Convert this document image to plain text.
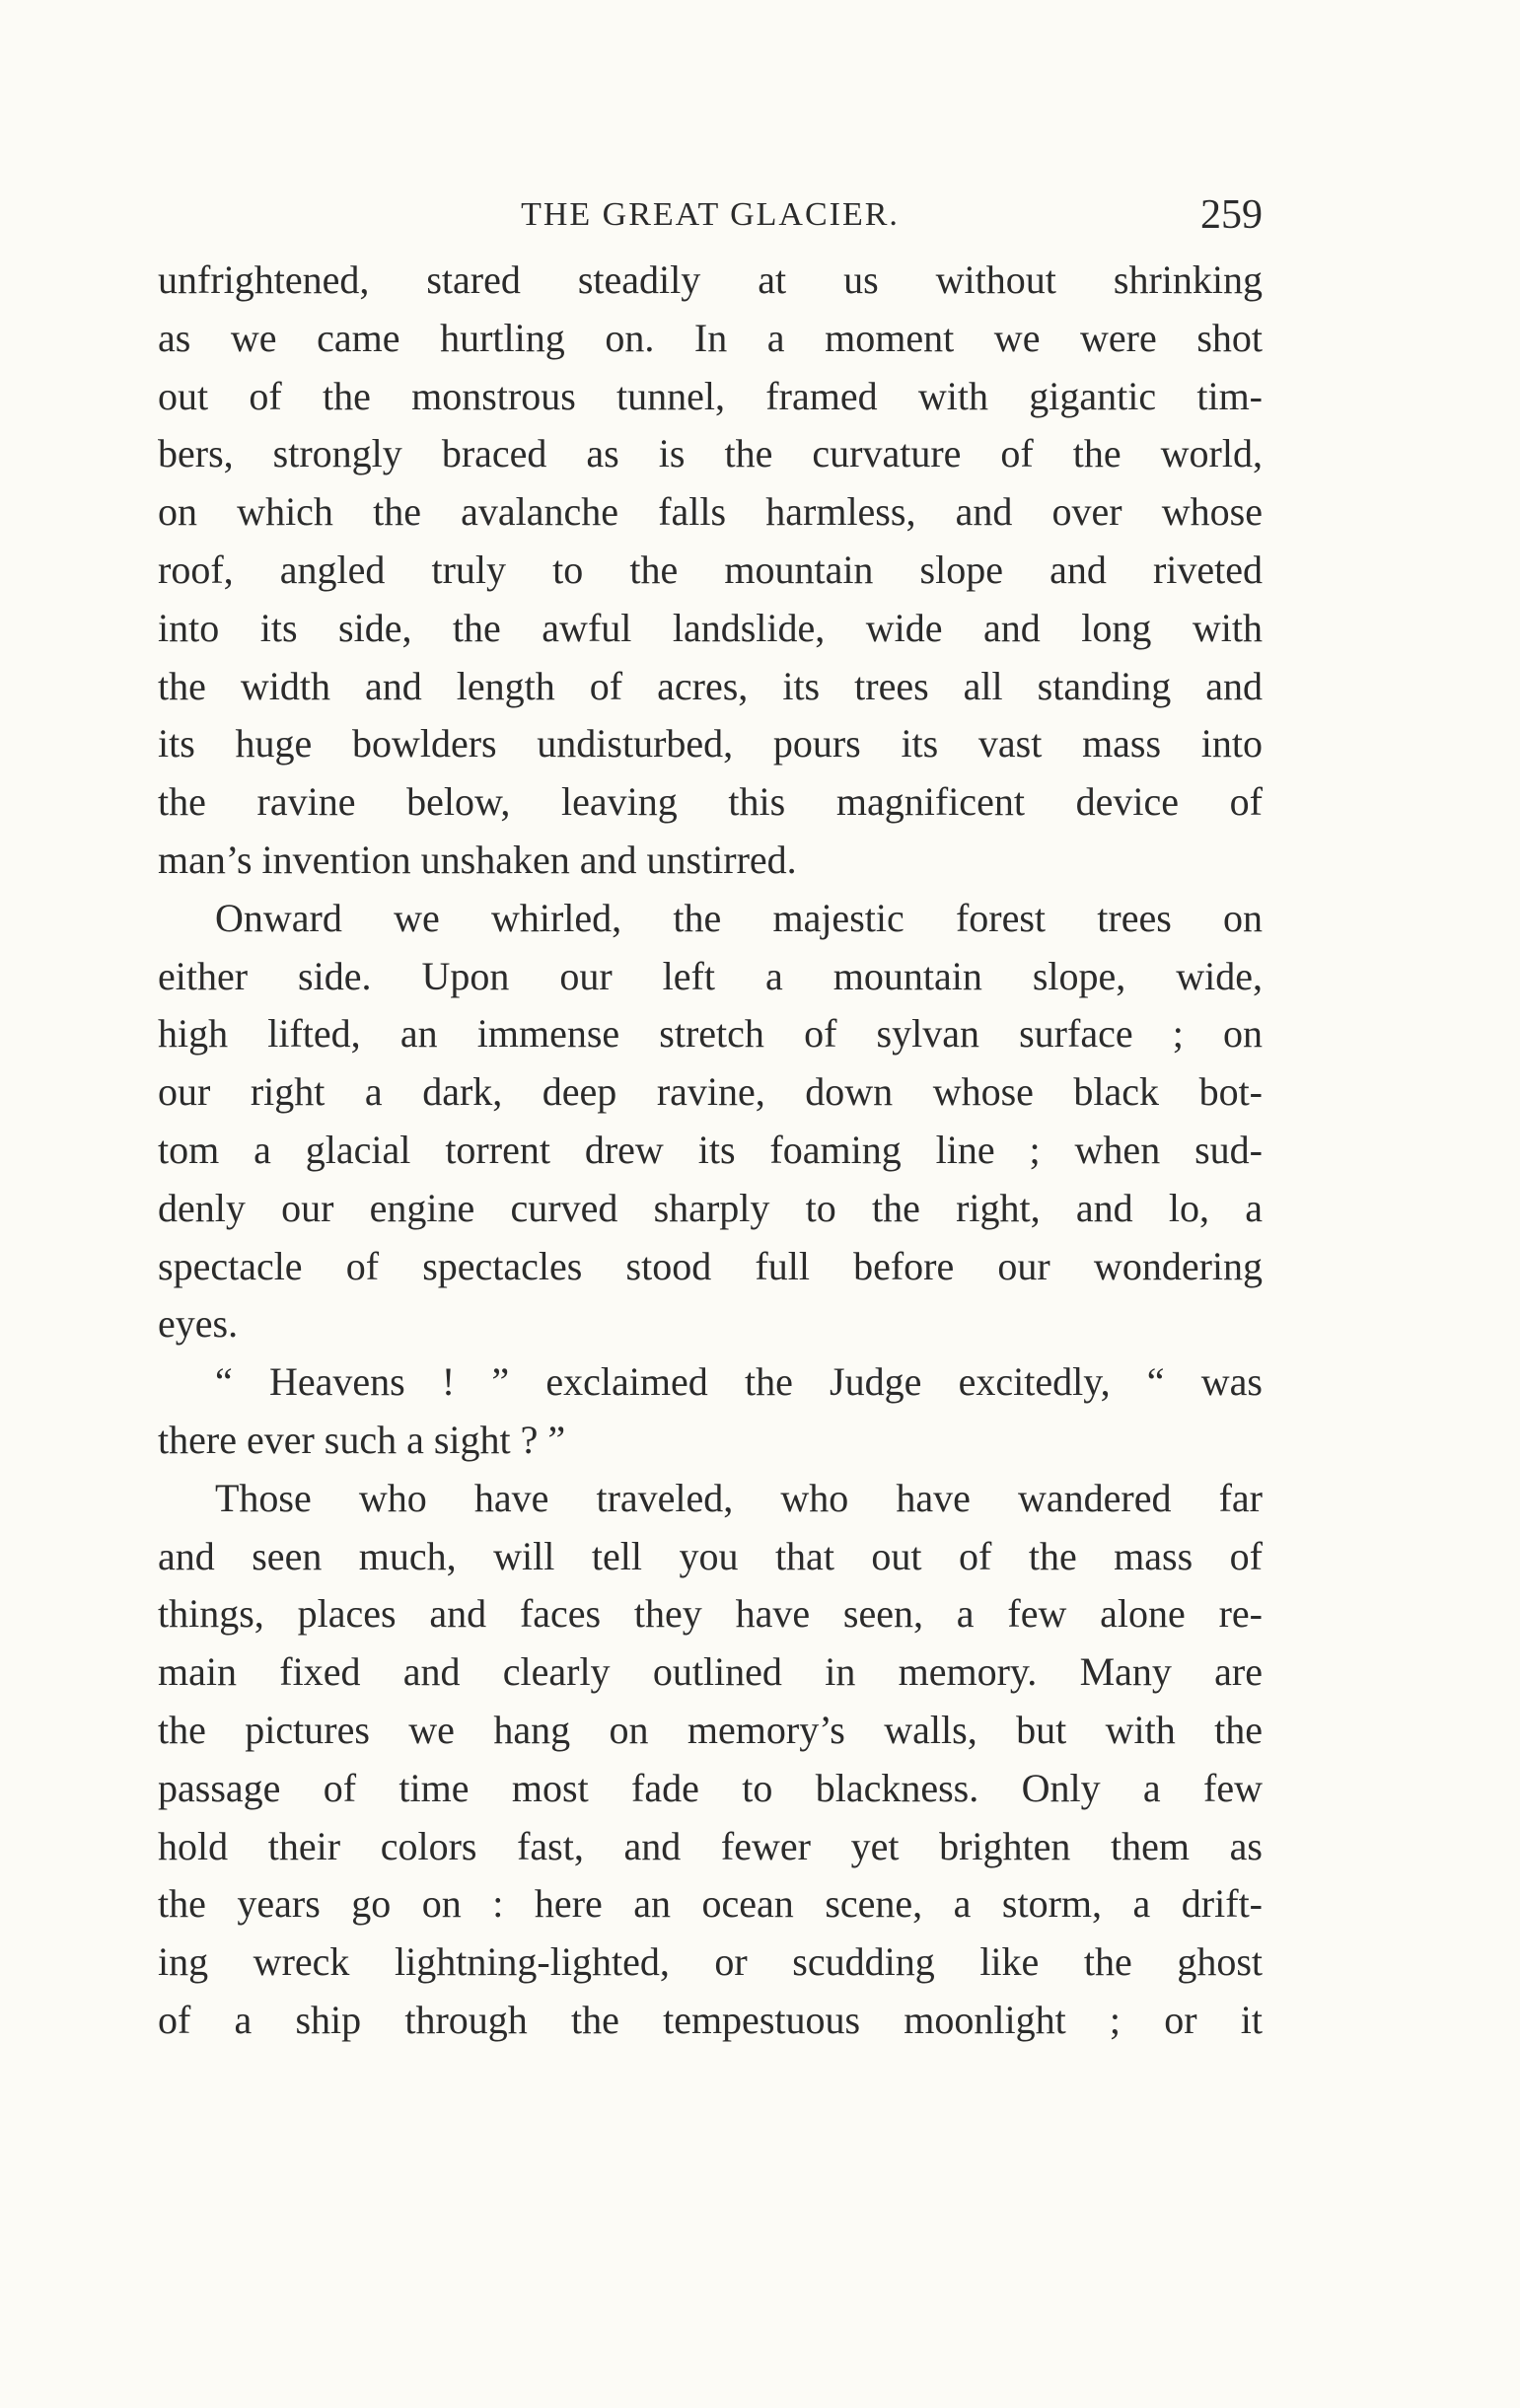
THE GREAT GLACIER.	259
unfrightened, stared steadily at us without shrinking
as we came hurtling on. In a moment we were shot
out of the monstrous tunnel, framed with gigantic tim-
bers, strongly braced as is the curvature of the world,
on which the avalanche falls harmless, and over whose
roof, angled truly to the mountain slope and riveted
into its side, the awful landslide, wide and long with
the width and length of acres, its trees all standing and
its huge bowlders undisturbed, pours its vast mass into
the ravine below, leaving this magnificent device of
man’s invention unshaken and unstirred.
Onward we whirled, the majestic forest trees on
either side. Upon our left a mountain slope, wide,
high lifted, an immense stretch of sylvan surface ; on
our right a dark, deep ravine, down whose black bot-
tom a glacial torrent drew its foaming line ; when sud-
denly our engine curved sharply to the right, and lo, a
spectacle of spectacles stood full before our wondering
eyes.
“ Heavens ! ” exclaimed the Judge excitedly, “ was
there ever such a sight ? ”
Those who have traveled, who have wandered far
and seen much, will tell you that out of the mass of
things, places and faces they have seen, a few alone re-
main fixed and clearly outlined in memory. Many are
the pictures we hang on memory’s walls, but with the
passage of time most fade to blackness. Only a few
hold their colors fast, and fewer yet brighten them as
the years go on : here an ocean scene, a storm, a drift-
ing wreck lightning-lighted, or scudding like the ghost
of a ship through the tempestuous moonlight ; or it
